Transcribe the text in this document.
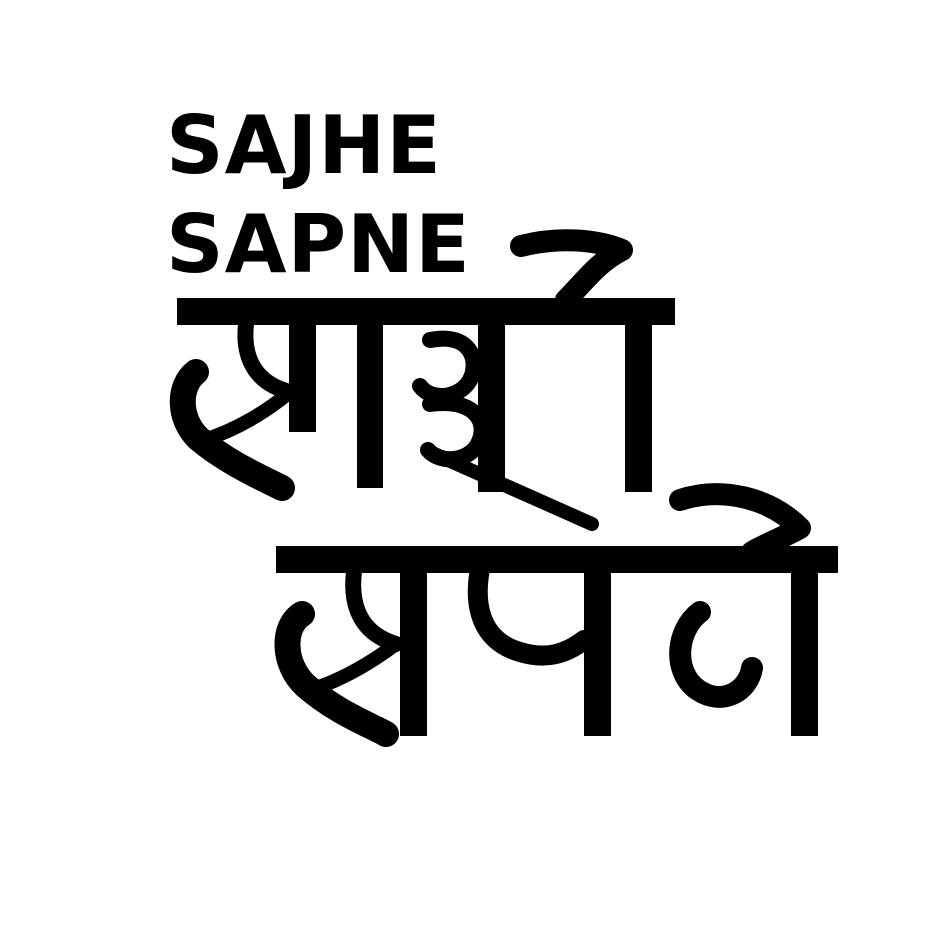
SAJHE

SAPNE
